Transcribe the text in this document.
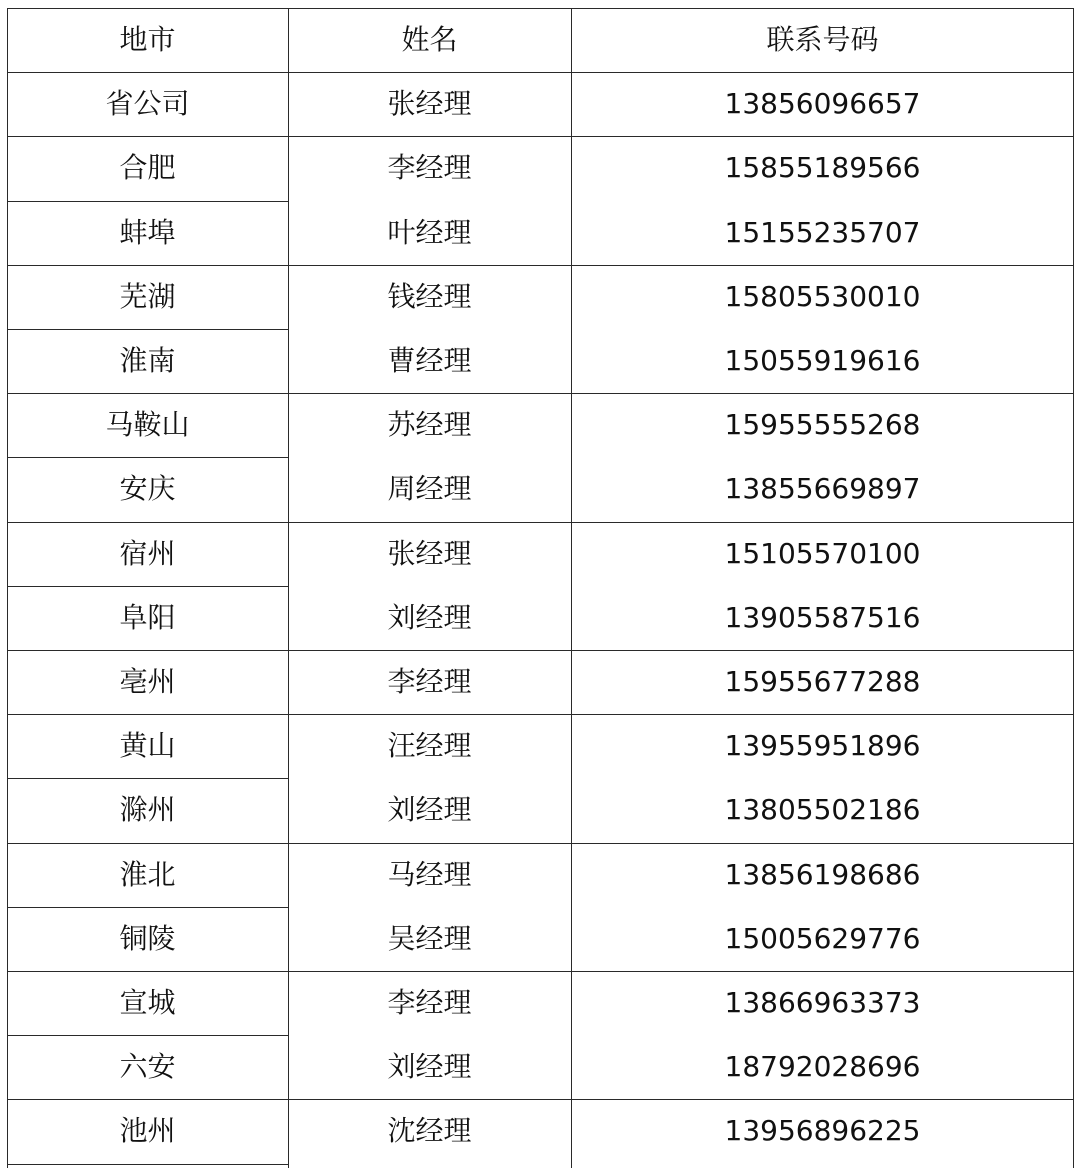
地市	姓名	联系号码
省公司	张经理	13856096657
合肥	李经理	15855189566
蚌埠	叶经理	15155235707
芜湖	钱经理	15805530010
淮南	曹经理	15055919616
马鞍山	苏经理	15955555268
安庆	周经理	13855669897
宿州	张经理	15105570100
阜阳	刘经理	13905587516
亳州	李经理	15955677288
黄山	汪经理	13955951896
滁州	刘经理	13805502186
淮北	马经理	13856198686
铜陵	吴经理	15005629776
宣城	李经理	13866963373
六安	刘经理	18792028696
池州	沈经理	13956896225
